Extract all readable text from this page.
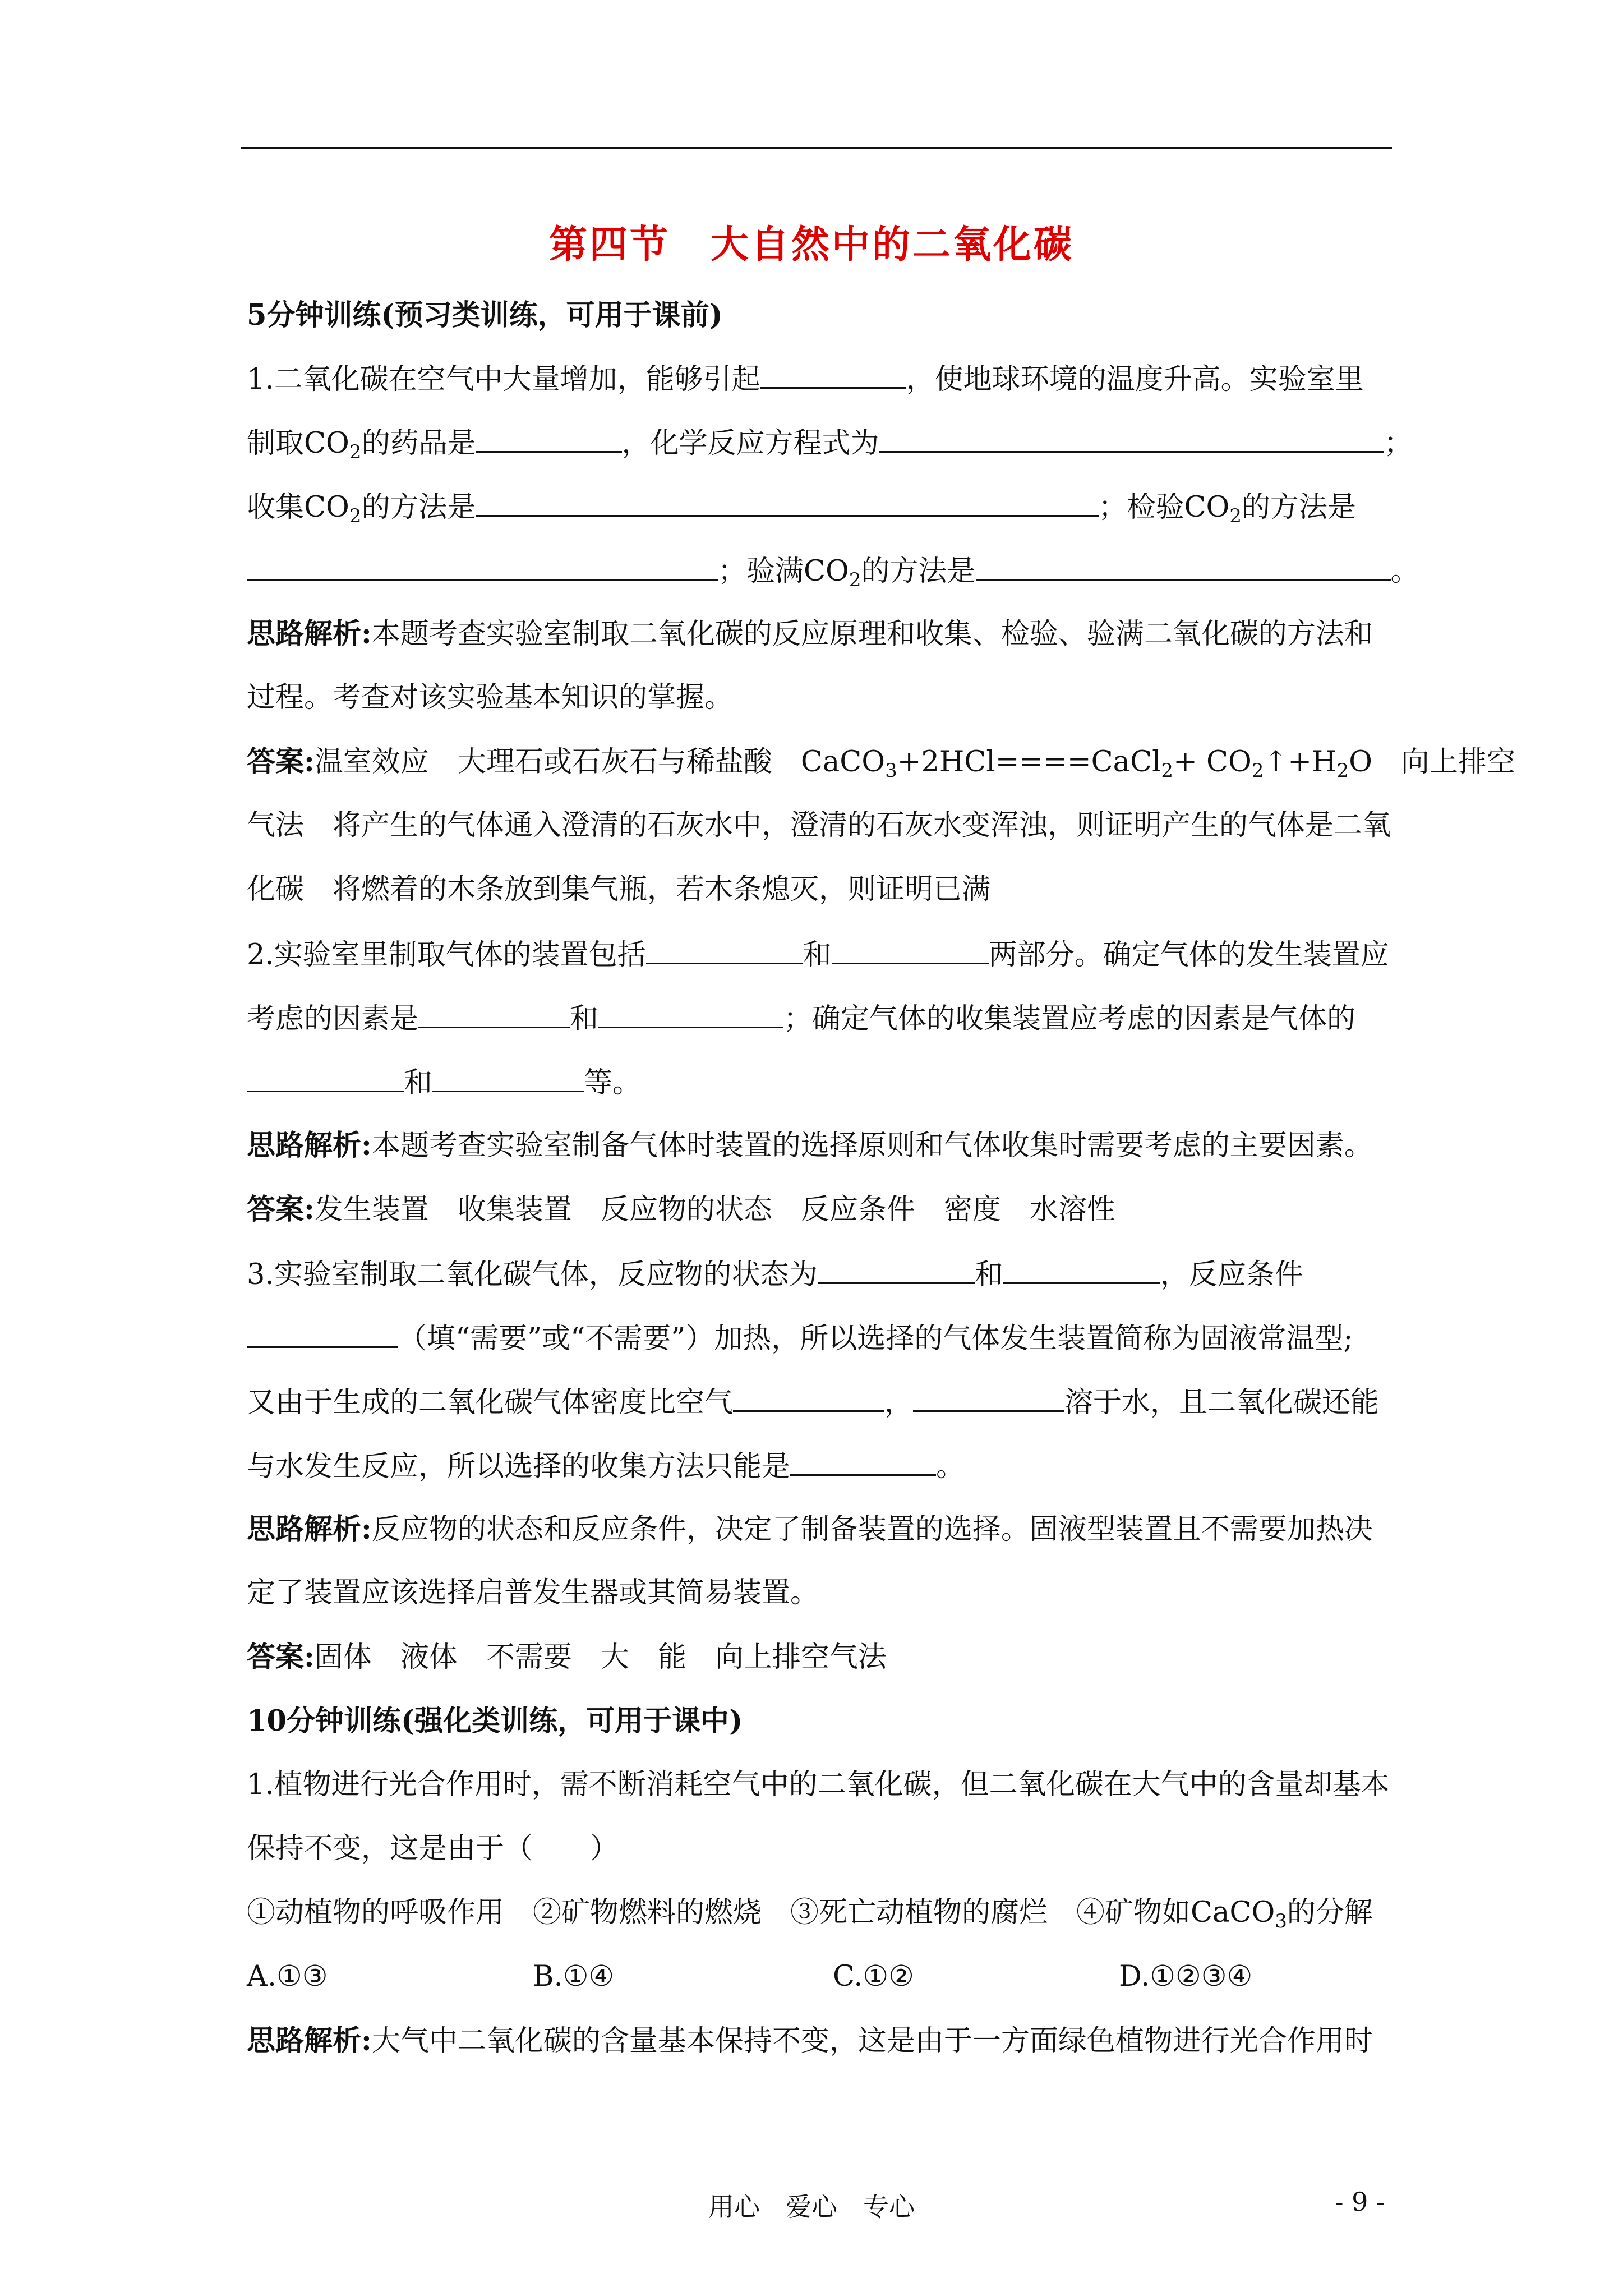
第四节　大自然中的二氧化碳
5分钟训练(预习类训练，可用于课前)
1.二氧化碳在空气中大量增加，能够引起	，使地球环境的温度升高。实验室里
制取$CO_2$的药品是	，化学反应方程式为	；
收集$CO_2$的方法是	；检验$CO_2$的方法是
；验满$CO_2$的方法是	。
思路解析:本题考查实验室制取二氧化碳的反应原理和收集、检验、验满二氧化碳的方法和
过程。考查对该实验基本知识的掌握。
答案:温室效应　大理石或石灰石与稀盐酸　CaCO$_3$+2HCl====CaCl$_2$+ $CO_2↑+H_2O$　向上排空
气法　将产生的气体通入澄清的石灰水中，澄清的石灰水变浑浊，则证明产生的气体是二氧
化碳　将燃着的木条放到集气瓶，若木条熄灭，则证明已满
2.实验室里制取气体的装置包括	和	两部分。确定气体的发生装置应
考虑的因素是	和	；确定气体的收集装置应考虑的因素是气体的
和	等。
思路解析:本题考查实验室制备气体时装置的选择原则和气体收集时需要考虑的主要因素。
答案:发生装置　收集装置　反应物的状态　反应条件　密度　水溶性
3.实验室制取二氧化碳气体，反应物的状态为	和	，反应条件
（填“需要”或“不需要”）加热，所以选择的气体发生装置简称为固液常温型;
又由于生成的二氧化碳气体密度比空气	，	溶于水，且二氧化碳还能
与水发生反应，所以选择的收集方法只能是	。
思路解析:反应物的状态和反应条件，决定了制备装置的选择。固液型装置且不需要加热决
定了装置应该选择启普发生器或其简易装置。
答案:固体　液体　不需要　大　能　向上排空气法
10分钟训练(强化类训练，可用于课中)
1.植物进行光合作用时，需不断消耗空气中的二氧化碳，但二氧化碳在大气中的含量却基本
保持不变，这是由于（　　）
①动植物的呼吸作用　②矿物燃料的燃烧　③死亡动植物的腐烂　④矿物如CaCO$_3$的分解
A.①③	B.①④	C.①②	D.①②③④
思路解析:大气中二氧化碳的含量基本保持不变，这是由于一方面绿色植物进行光合作用时
用心　爱心　专心	- 9 -
